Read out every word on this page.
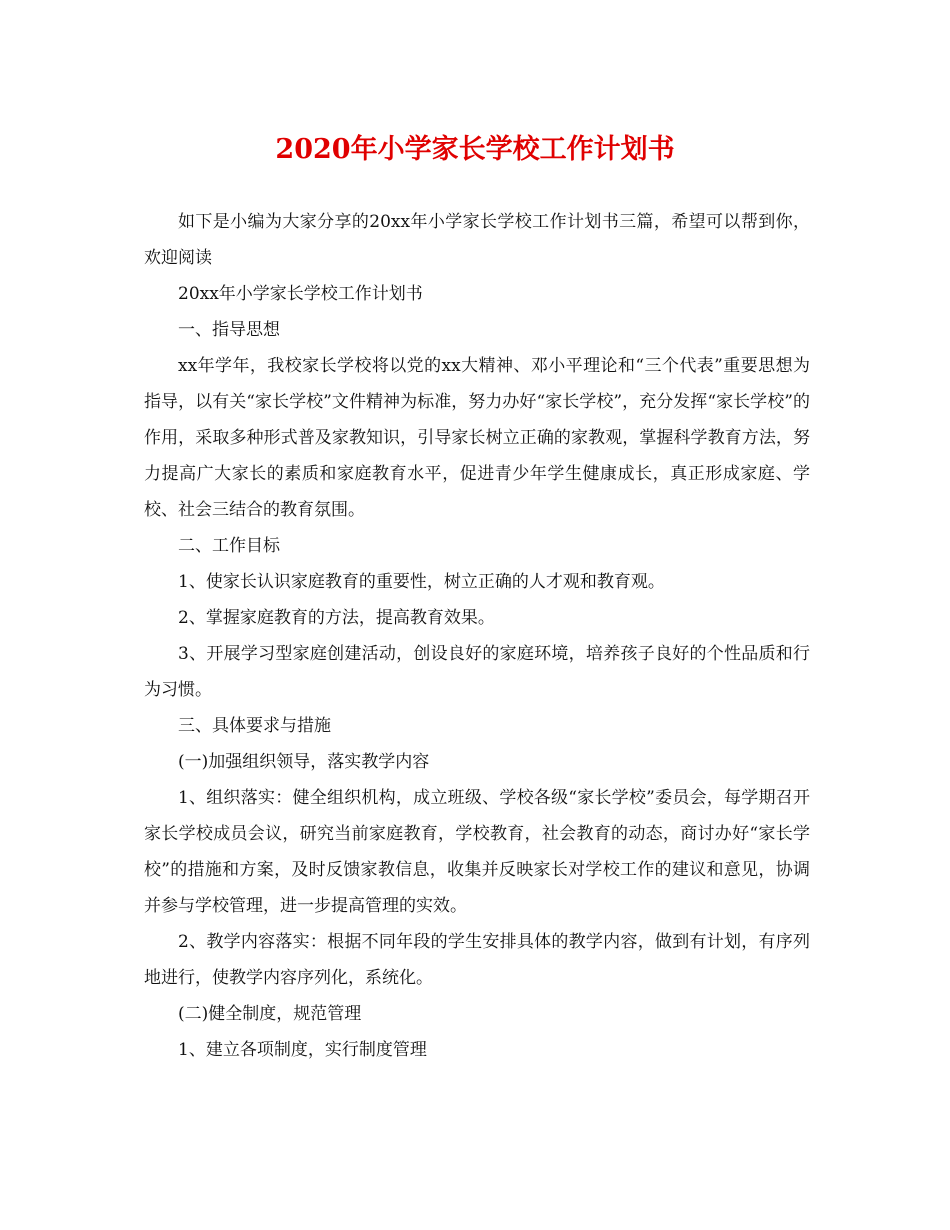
2020年小学家长学校工作计划书

如下是小编为大家分享的20xx年小学家长学校工作计划书三篇，希望可以帮到你，欢迎阅读

20xx年小学家长学校工作计划书

一、指导思想

xx年学年，我校家长学校将以党的xx大精神、邓小平理论和“三个代表”重要思想为指导，以有关“家长学校”文件精神为标准，努力办好“家长学校”，充分发挥“家长学校”的作用，采取多种形式普及家教知识，引导家长树立正确的家教观，掌握科学教育方法，努力提高广大家长的素质和家庭教育水平，促进青少年学生健康成长，真正形成家庭、学校、社会三结合的教育氛围。

二、工作目标

1、使家长认识家庭教育的重要性，树立正确的人才观和教育观。

2、掌握家庭教育的方法，提高教育效果。

3、开展学习型家庭创建活动，创设良好的家庭环境，培养孩子良好的个性品质和行为习惯。

三、具体要求与措施

(一)加强组织领导，落实教学内容

1、组织落实：健全组织机构，成立班级、学校各级“家长学校”委员会，每学期召开家长学校成员会议，研究当前家庭教育，学校教育，社会教育的动态，商讨办好“家长学校”的措施和方案，及时反馈家教信息，收集并反映家长对学校工作的建议和意见，协调并参与学校管理，进一步提高管理的实效。

2、教学内容落实：根据不同年段的学生安排具体的教学内容，做到有计划，有序列地进行，使教学内容序列化，系统化。

(二)健全制度，规范管理

1、建立各项制度，实行制度管理
